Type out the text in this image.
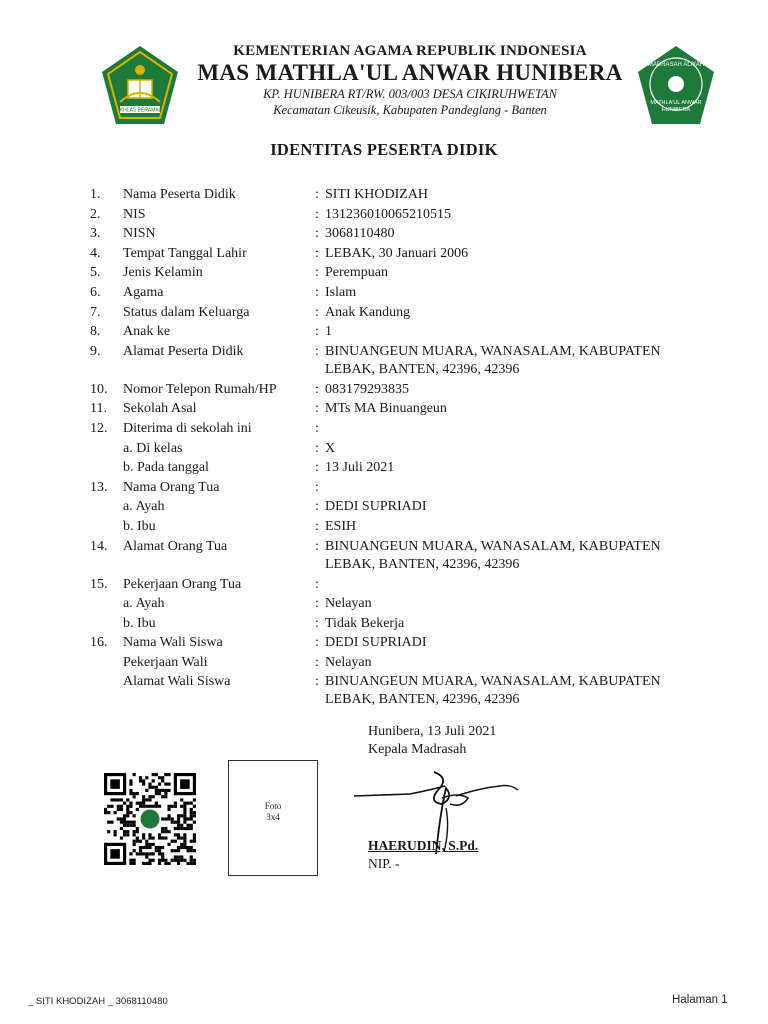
IKHLAS BERAMAL
MADRASAH ALIYAH
MATHLA'UL ANWAR
HUNIBERA
KEMENTERIAN AGAMA REPUBLIK INDONESIA
MAS MATHLA'UL ANWAR HUNIBERA
KP. HUNIBERA RT/RW. 003/003 DESA CIKIRUHWETAN
Kecamatan Cikeusik, Kabupaten Pandeglang - Banten
IDENTITAS PESERTA DIDIK
1.	Nama Peserta Didik	: SITI KHODIZAH
2.	NIS	: 131236010065210515
3.	NISN	: 3068110480
4.	Tempat Tanggal Lahir	: LEBAK, 30 Januari 2006
5.	Jenis Kelamin	: Perempuan
6.	Agama	: Islam
7.	Status dalam Keluarga	: Anak Kandung
8.	Anak ke	: 1
9.	Alamat Peserta Didik	: BINUANGEUN MUARA, WANASALAM, KABUPATEN LEBAK, BANTEN, 42396, 42396
10.	Nomor Telepon Rumah/HP	: 083179293835
11.	Sekolah Asal	: MTs MA Binuangeun
12.	Diterima di sekolah ini	:
a. Di kelas	: X
b. Pada tanggal	: 13 Juli 2021
13.	Nama Orang Tua	:
a. Ayah	: DEDI SUPRIADI
b. Ibu	: ESIH
14.	Alamat Orang Tua	: BINUANGEUN MUARA, WANASALAM, KABUPATEN LEBAK, BANTEN, 42396, 42396
15.	Pekerjaan Orang Tua	:
a. Ayah	: Nelayan
b. Ibu	: Tidak Bekerja
16.	Nama Wali Siswa	: DEDI SUPRIADI
Pekerjaan Wali	: Nelayan
Alamat Wali Siswa	: BINUANGEUN MUARA, WANASALAM, KABUPATEN LEBAK, BANTEN, 42396, 42396
Hunibera, 13 Juli 2021
Kepala Madrasah
Foto
3x4
HAERUDIN, S.Pd.
NIP. -
_ SITI KHODIZAH _ 3068110480	Halaman 1
